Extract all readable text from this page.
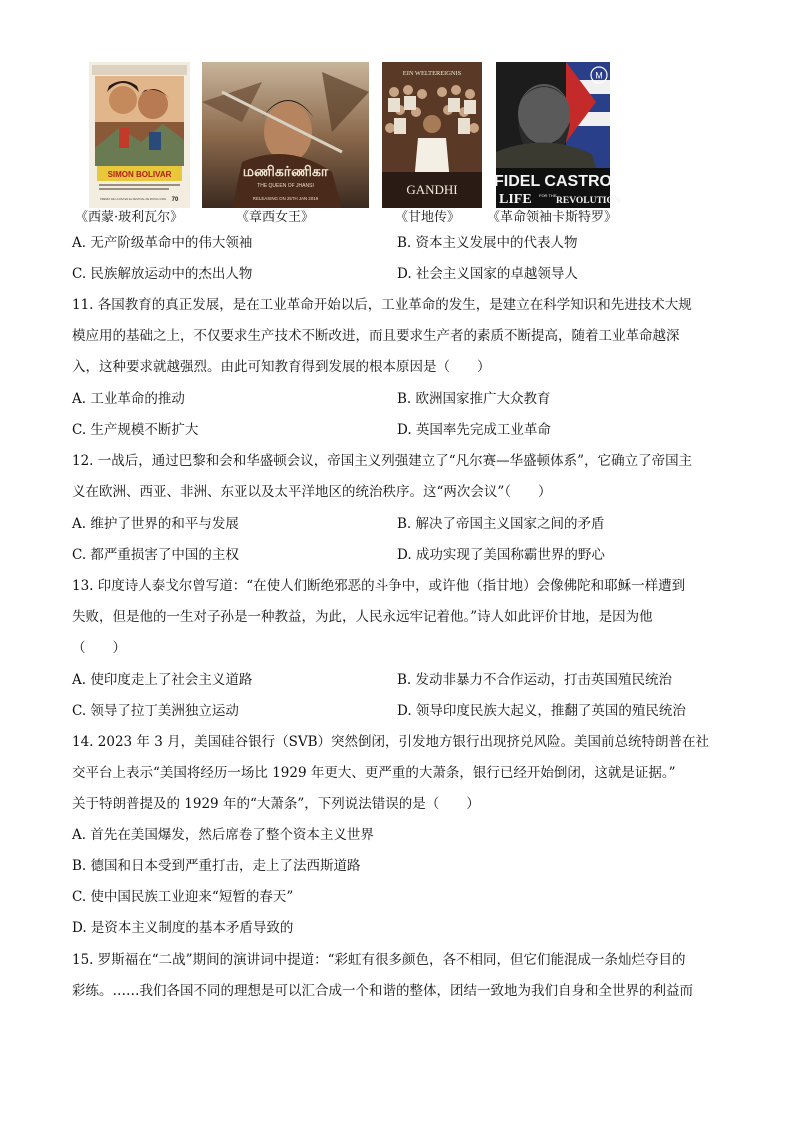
SIMON BOLIVAR
PREMIO DE LA PAZ EN EL FESTIVAL DE MOSCU 1969 70
மணிகர்ணிகா
THE QUEEN OF JHANSI
RELEASING ON 25TH JAN 2019
EIN WELTEREIGNIS
GANDHI
M
FIDEL CASTRO
LIFE FOR THE
REVOLUTION
《西蒙·玻利瓦尔》	《章西女王》	《甘地传》 《革命领袖卡斯特罗》
A. 无产阶级革命中的伟大领袖	B. 资本主义发展中的代表人物
C. 民族解放运动中的杰出人物	D. 社会主义国家的卓越领导人
11. 各国教育的真正发展，是在工业革命开始以后，工业革命的发生，是建立在科学知识和先进技术大规
模应用的基础之上，不仅要求生产技术不断改进，而且要求生产者的素质不断提高，随着工业革命越深
入，这种要求就越强烈。由此可知教育得到发展的根本原因是（　　）
A. 工业革命的推动	B. 欧洲国家推广大众教育
C. 生产规模不断扩大	D. 英国率先完成工业革命
12. 一战后，通过巴黎和会和华盛顿会议，帝国主义列强建立了“凡尔赛—华盛顿体系”，它确立了帝国主
义在欧洲、西亚、非洲、东亚以及太平洋地区的统治秩序。这“两次会议”（　　）
A. 维护了世界的和平与发展	B. 解决了帝国主义国家之间的矛盾
C. 都严重损害了中国的主权	D. 成功实现了美国称霸世界的野心
13. 印度诗人泰戈尔曾写道：“在使人们断绝邪恶的斗争中，或许他（指甘地）会像佛陀和耶稣一样遭到
失败，但是他的一生对子孙是一种教益，为此，人民永远牢记着他。”诗人如此评价甘地，是因为他
（　　）
A. 使印度走上了社会主义道路	B. 发动非暴力不合作运动，打击英国殖民统治
C. 领导了拉丁美洲独立运动	D. 领导印度民族大起义，推翻了英国的殖民统治
14. 2023 年 3 月，美国硅谷银行（SVB）突然倒闭，引发地方银行出现挤兑风险。美国前总统特朗普在社
交平台上表示“美国将经历一场比 1929 年更大、更严重的大萧条，银行已经开始倒闭，这就是证据。”
关于特朗普提及的 1929 年的“大萧条”，下列说法错误的是（　　）
A. 首先在美国爆发，然后席卷了整个资本主义世界
B. 德国和日本受到严重打击，走上了法西斯道路
C. 使中国民族工业迎来“短暂的春天”
D. 是资本主义制度的基本矛盾导致的
15. 罗斯福在“二战”期间的演讲词中提道：“彩虹有很多颜色，各不相同，但它们能混成一条灿烂夺目的
彩练。……我们各国不同的理想是可以汇合成一个和谐的整体，团结一致地为我们自身和全世界的利益而
